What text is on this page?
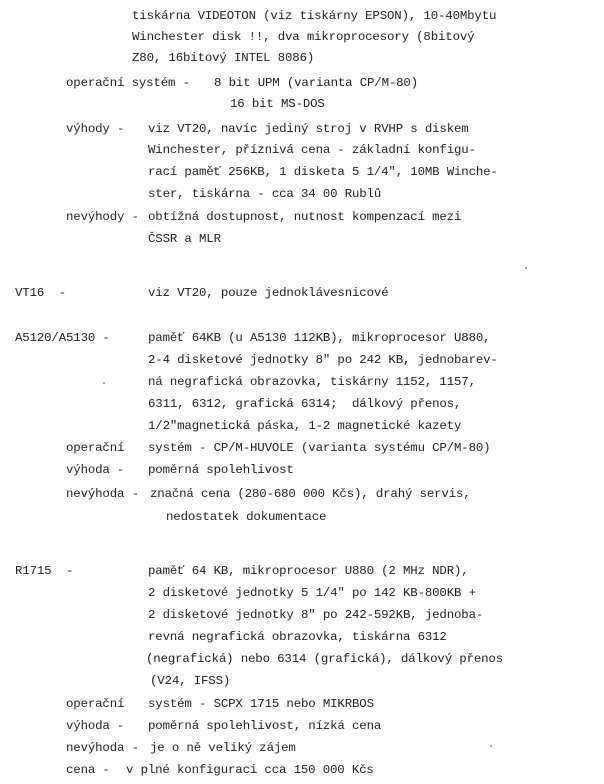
tiskárna VIDEOTON (viz tiskárny EPSON), 10-40Mbytu
Winchester disk !!, dva mikroprocesory (8bitový
Z80, 16bitový INTEL 8086)
operační systém - 8 bit UPM (varianta CP/M-80)
16 bit MS-DOS
výhody - viz VT20, navíc jediný stroj v RVHP s diskem
Winchester, příznivá cena - základní konfigu-
rací paměť 256KB, 1 disketa 5 1/4", 10MB Winche-
ster, tiskárna - cca 34 00 Rublů
nevýhody - obtížná dostupnost, nutnost kompenzací mezi
ČSSR a MLR
VT16  -	viz VT20, pouze jednoklávesnicové
A5120/A5130 -	paměť 64KB (u A5130 112KB), mikroprocesor U880,
2-4 disketové jednotky 8" po 242 KB, jednobarev-
ná negrafická obrazovka, tiskárny 1152, 1157,
6311, 6312, grafická 6314;  dálkový přenos,
1/2"magnetická páska, 1-2 magnetické kazety
operační systém - CP/M-HUVOLE (varianta systému CP/M-80)
výhoda - poměrná spolehlivost
nevýhoda - značná cena (280-680 000 Kčs), drahý servis,
nedostatek dokumentace
R1715  -	paměť 64 KB, mikroprocesor U880 (2 MHz NDR),
2 disketové jednotky 5 1/4" po 142 KB-800KB +
2 disketové jednotky 8" po 242-592KB, jednoba-
revná negrafická obrazovka, tiskárna 6312
(negrafická) nebo 6314 (grafická), dálkový přenos
(V24, IFSS)
operační systém - SCPX 1715 nebo MIKRBOS
výhoda - poměrná spolehlivost, nízká cena
nevýhoda - je o ně veliký zájem
cena - v plné konfiguraci cca 150 000 Kčs
